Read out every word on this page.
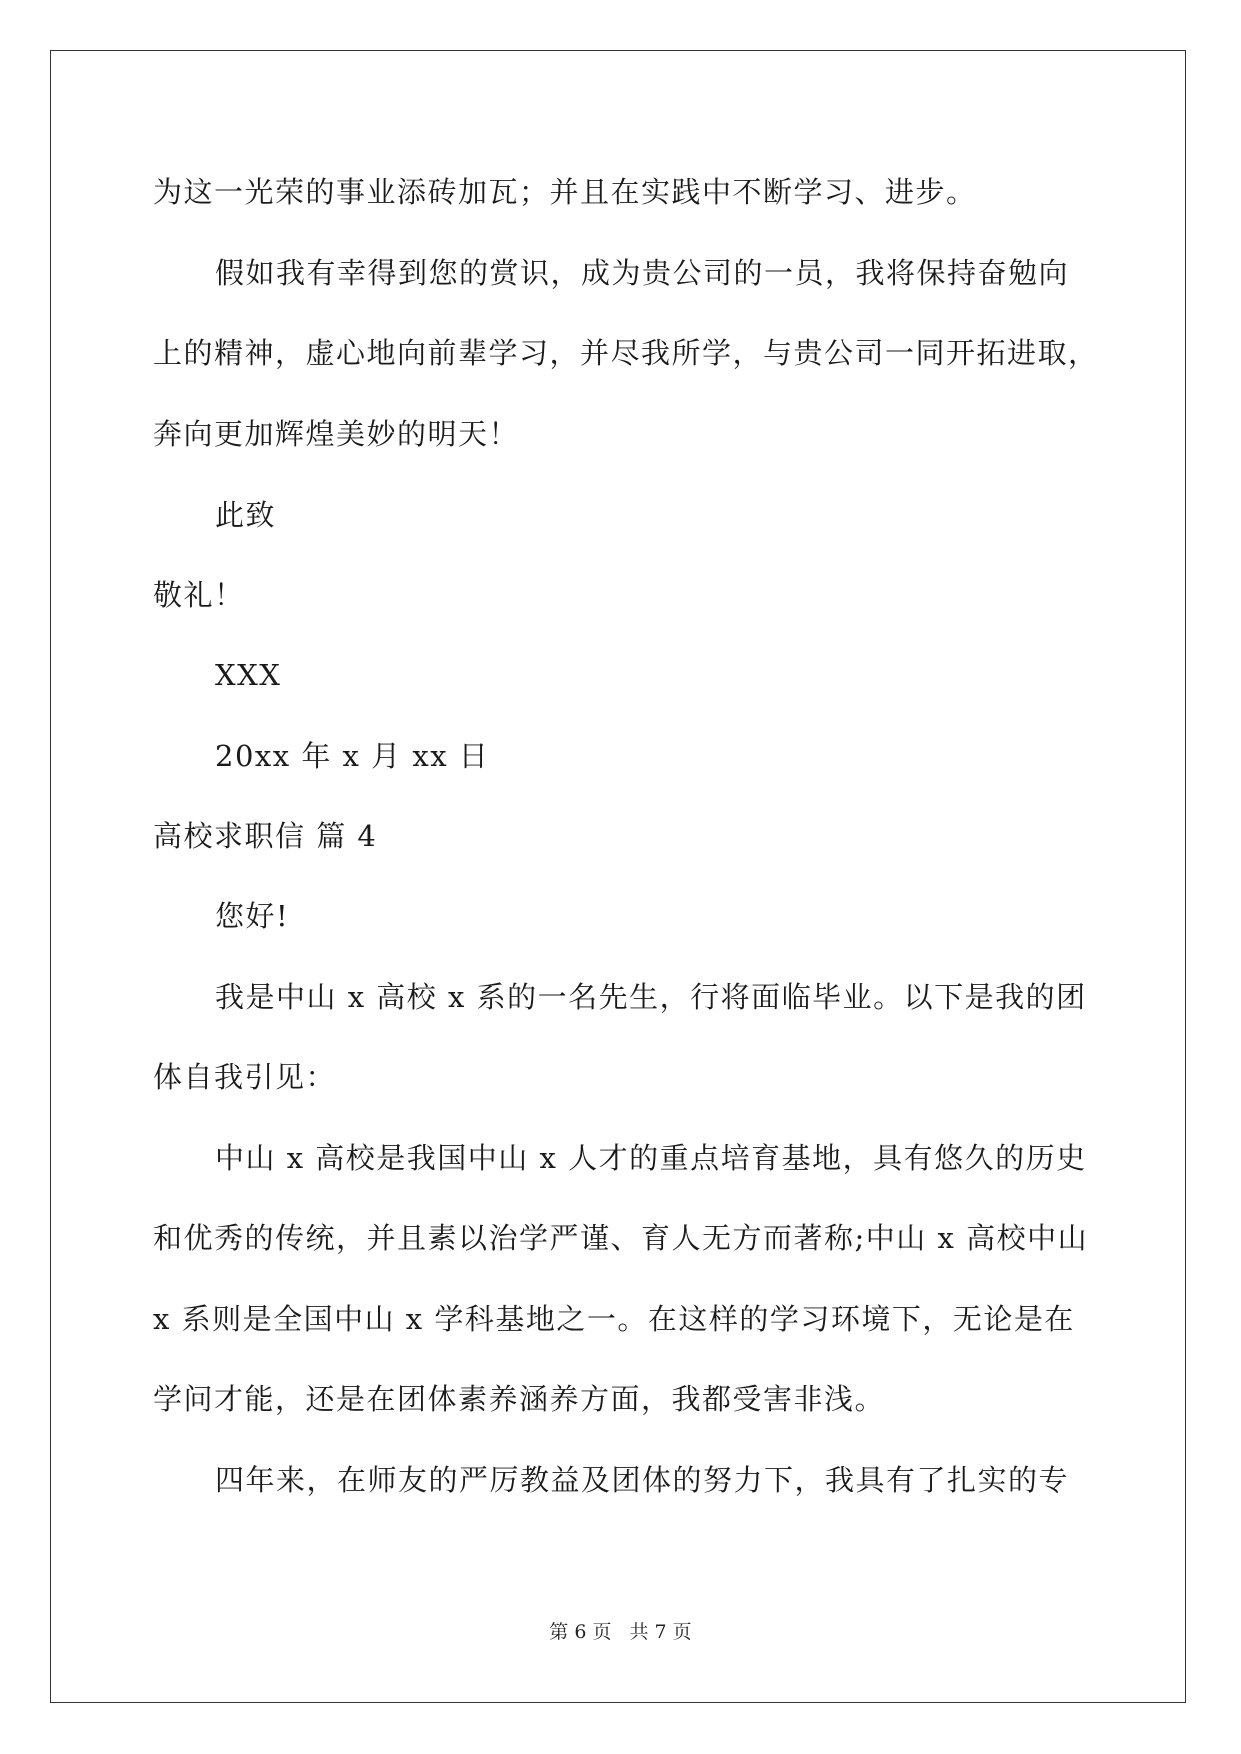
为这一光荣的事业添砖加瓦；并且在实践中不断学习、进步。
假如我有幸得到您的赏识，成为贵公司的一员，我将保持奋勉向
上的精神，虚心地向前辈学习，并尽我所学，与贵公司一同开拓进取，
奔向更加辉煌美妙的明天！
此致
敬礼！
XXX
20xx 年 x 月 xx 日
高校求职信 篇 4
您好!
我是中山 x 高校 x 系的一名先生，行将面临毕业。以下是我的团
体自我引见：
中山 x 高校是我国中山 x 人才的重点培育基地，具有悠久的历史
和优秀的传统，并且素以治学严谨、育人无方而著称;中山 x 高校中山
x 系则是全国中山 x 学科基地之一。在这样的学习环境下，无论是在
学问才能，还是在团体素养涵养方面，我都受害非浅。
四年来，在师友的严厉教益及团体的努力下，我具有了扎实的专
第 6 页 共 7 页
